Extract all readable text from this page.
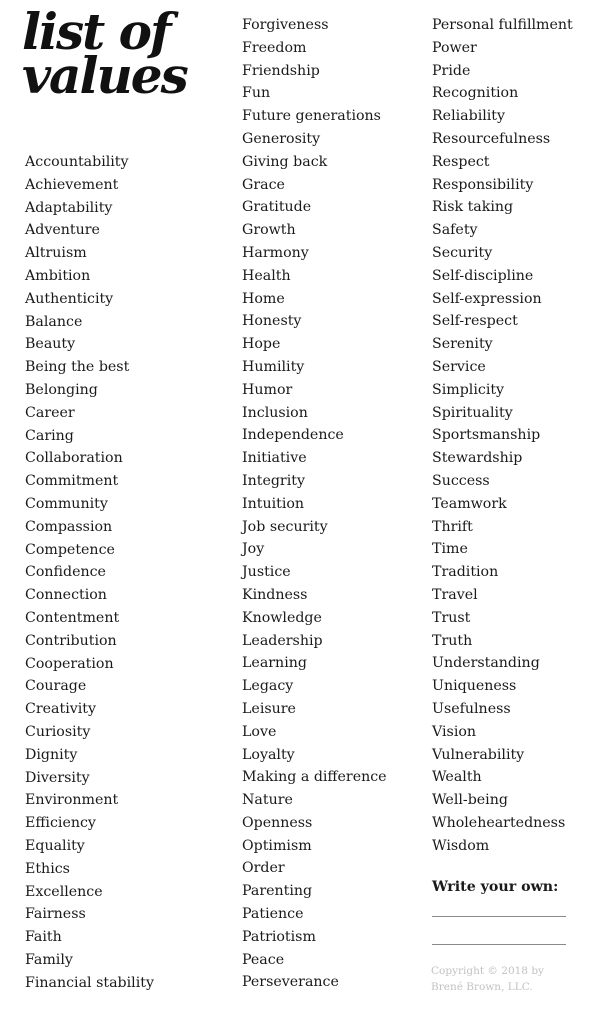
list of
values
Accountability
Achievement
Adaptability
Adventure
Altruism
Ambition
Authenticity
Balance
Beauty
Being the best
Belonging
Career
Caring
Collaboration
Commitment
Community
Compassion
Competence
Confidence
Connection
Contentment
Contribution
Cooperation
Courage
Creativity
Curiosity
Dignity
Diversity
Environment
Efficiency
Equality
Ethics
Excellence
Fairness
Faith
Family
Financial stability
Forgiveness
Freedom
Friendship
Fun
Future generations
Generosity
Giving back
Grace
Gratitude
Growth
Harmony
Health
Home
Honesty
Hope
Humility
Humor
Inclusion
Independence
Initiative
Integrity
Intuition
Job security
Joy
Justice
Kindness
Knowledge
Leadership
Learning
Legacy
Leisure
Love
Loyalty
Making a difference
Nature
Openness
Optimism
Order
Parenting
Patience
Patriotism
Peace
Perseverance
Personal fulfillment
Power
Pride
Recognition
Reliability
Resourcefulness
Respect
Responsibility
Risk taking
Safety
Security
Self-discipline
Self-expression
Self-respect
Serenity
Service
Simplicity
Spirituality
Sportsmanship
Stewardship
Success
Teamwork
Thrift
Time
Tradition
Travel
Trust
Truth
Understanding
Uniqueness
Usefulness
Vision
Vulnerability
Wealth
Well-being
Wholeheartedness
Wisdom
Write your own:
Copyright © 2018 by
Brené Brown, LLC.
